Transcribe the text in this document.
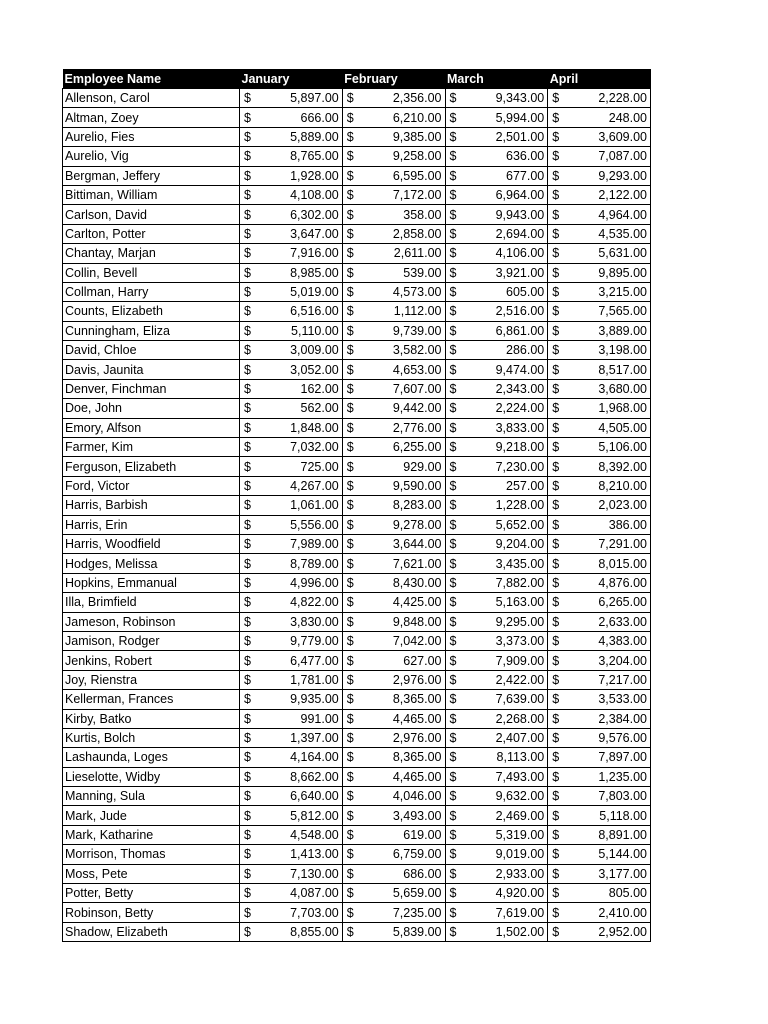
Employee Name	January	February	March	April
Allenson, Carol	$ 5,897.00	$ 2,356.00	$ 9,343.00	$ 2,228.00

Altman, Zoey	$ 666.00	$ 6,210.00	$ 5,994.00	$ 248.00

Aurelio, Fies	$ 5,889.00	$ 9,385.00	$ 2,501.00	$ 3,609.00

Aurelio, Vig	$ 8,765.00	$ 9,258.00	$ 636.00	$ 7,087.00

Bergman, Jeffery	$ 1,928.00	$ 6,595.00	$ 677.00	$ 9,293.00

Bittiman, William	$ 4,108.00	$ 7,172.00	$ 6,964.00	$ 2,122.00

Carlson, David	$ 6,302.00	$ 358.00	$ 9,943.00	$ 4,964.00

Carlton, Potter	$ 3,647.00	$ 2,858.00	$ 2,694.00	$ 4,535.00

Chantay, Marjan	$ 7,916.00	$ 2,611.00	$ 4,106.00	$ 5,631.00

Collin, Bevell	$ 8,985.00	$ 539.00	$ 3,921.00	$ 9,895.00

Collman, Harry	$ 5,019.00	$ 4,573.00	$ 605.00	$ 3,215.00

Counts, Elizabeth	$ 6,516.00	$ 1,112.00	$ 2,516.00	$ 7,565.00

Cunningham, Eliza	$ 5,110.00	$ 9,739.00	$ 6,861.00	$ 3,889.00

David, Chloe	$ 3,009.00	$ 3,582.00	$ 286.00	$ 3,198.00

Davis, Jaunita	$ 3,052.00	$ 4,653.00	$ 9,474.00	$ 8,517.00

Denver, Finchman	$ 162.00	$ 7,607.00	$ 2,343.00	$ 3,680.00

Doe, John	$ 562.00	$ 9,442.00	$ 2,224.00	$ 1,968.00

Emory, Alfson	$ 1,848.00	$ 2,776.00	$ 3,833.00	$ 4,505.00

Farmer, Kim	$ 7,032.00	$ 6,255.00	$ 9,218.00	$ 5,106.00

Ferguson, Elizabeth	$ 725.00	$ 929.00	$ 7,230.00	$ 8,392.00

Ford, Victor	$ 4,267.00	$ 9,590.00	$ 257.00	$ 8,210.00

Harris, Barbish	$ 1,061.00	$ 8,283.00	$ 1,228.00	$ 2,023.00

Harris, Erin	$ 5,556.00	$ 9,278.00	$ 5,652.00	$ 386.00

Harris, Woodfield	$ 7,989.00	$ 3,644.00	$ 9,204.00	$ 7,291.00

Hodges, Melissa	$ 8,789.00	$ 7,621.00	$ 3,435.00	$ 8,015.00

Hopkins, Emmanual	$ 4,996.00	$ 8,430.00	$ 7,882.00	$ 4,876.00

Illa, Brimfield	$ 4,822.00	$ 4,425.00	$ 5,163.00	$ 6,265.00

Jameson, Robinson	$ 3,830.00	$ 9,848.00	$ 9,295.00	$ 2,633.00

Jamison, Rodger	$ 9,779.00	$ 7,042.00	$ 3,373.00	$ 4,383.00

Jenkins, Robert	$ 6,477.00	$ 627.00	$ 7,909.00	$ 3,204.00

Joy, Rienstra	$ 1,781.00	$ 2,976.00	$ 2,422.00	$ 7,217.00

Kellerman, Frances	$ 9,935.00	$ 8,365.00	$ 7,639.00	$ 3,533.00

Kirby, Batko	$ 991.00	$ 4,465.00	$ 2,268.00	$ 2,384.00

Kurtis, Bolch	$ 1,397.00	$ 2,976.00	$ 2,407.00	$ 9,576.00

Lashaunda, Loges	$ 4,164.00	$ 8,365.00	$ 8,113.00	$ 7,897.00

Lieselotte, Widby	$ 8,662.00	$ 4,465.00	$ 7,493.00	$ 1,235.00

Manning, Sula	$ 6,640.00	$ 4,046.00	$ 9,632.00	$ 7,803.00

Mark, Jude	$ 5,812.00	$ 3,493.00	$ 2,469.00	$ 5,118.00

Mark, Katharine	$ 4,548.00	$ 619.00	$ 5,319.00	$ 8,891.00

Morrison, Thomas	$ 1,413.00	$ 6,759.00	$ 9,019.00	$ 5,144.00

Moss, Pete	$ 7,130.00	$ 686.00	$ 2,933.00	$ 3,177.00

Potter, Betty	$ 4,087.00	$ 5,659.00	$ 4,920.00	$ 805.00

Robinson, Betty	$ 7,703.00	$ 7,235.00	$ 7,619.00	$ 2,410.00

Shadow, Elizabeth	$ 8,855.00	$ 5,839.00	$ 1,502.00	$ 2,952.00
